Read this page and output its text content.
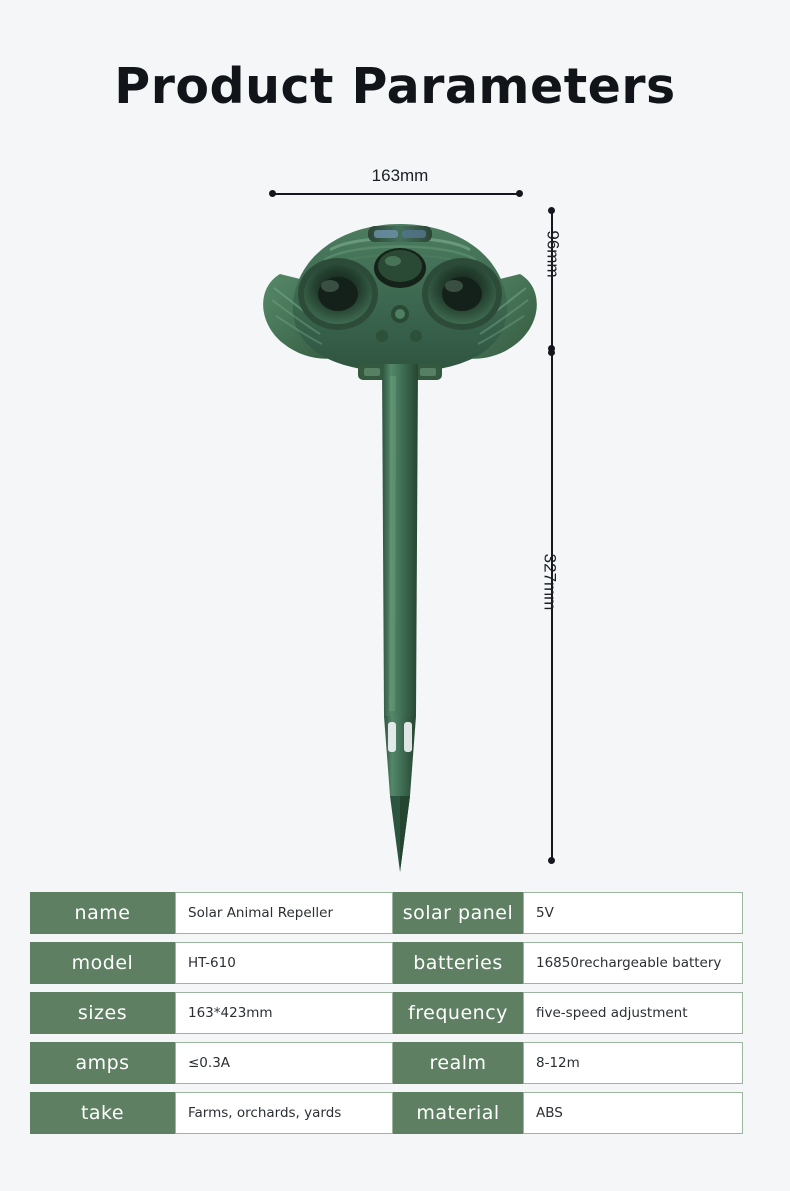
Product Parameters
163mm
96mm
327mm
name	Solar Animal Repeller	solar panel	5V
model	HT-610	batteries	16850rechargeable battery
sizes	163*423mm	frequency	five-speed adjustment
amps	≤0.3A	realm	8-12m
take	Farms, orchards, yards	material	ABS
